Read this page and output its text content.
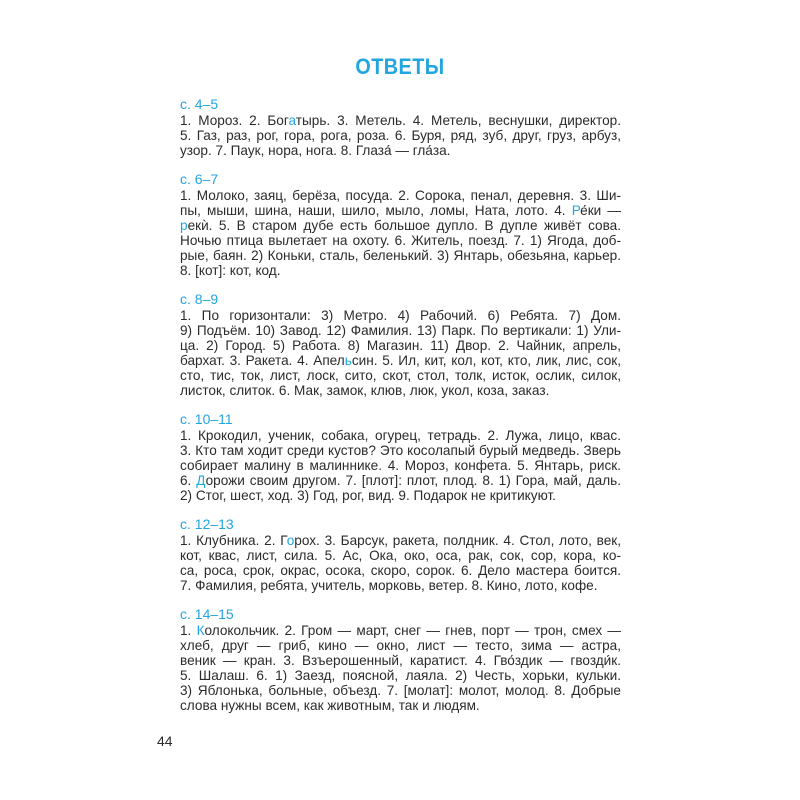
ОТВЕТЫ
с. 4–5
1. Мороз. 2. Богатырь. 3. Метель. 4. Метель, веснушки, директор.
5. Газ, раз, рог, гора, рога, роза. 6. Буря, ряд, зуб, друг, груз, арбуз,
узор. 7. Паук, нора, нога. 8. Глаза́ — гла́за.
с. 6–7
1. Молоко, заяц, берёза, посуда. 2. Сорока, пенал, деревня. 3. Ши-
пы, мыши, шина, наши, шило, мыло, ломы, Ната, лото. 4. Ре́ки —
рекѝ. 5. В старом дубе есть большое дупло. В дупле живёт сова.
Ночью птица вылетает на охоту. 6. Житель, поезд. 7. 1) Ягода, доб-
рые, баян. 2) Коньки, сталь, беленький. 3) Янтарь, обезьяна, карьер.
8. [кот]: кот, код.
с. 8–9
1. По горизонтали: 3) Метро. 4) Рабочий. 6) Ребята. 7) Дом.
9) Подъём. 10) Завод. 12) Фамилия. 13) Парк. По вертикали: 1) Ули-
ца. 2) Город. 5) Работа. 8) Магазин. 11) Двор. 2. Чайник, апрель,
бархат. 3. Ракета. 4. Апельсин. 5. Ил, кит, кол, кот, кто, лик, лис, сок,
сто, тис, ток, лист, лоск, сито, скот, стол, толк, исток, ослик, силок,
листок, слиток. 6. Мак, замок, клюв, люк, укол, коза, заказ.
с. 10–11
1. Крокодил, ученик, собака, огурец, тетрадь. 2. Лужа, лицо, квас.
3. Кто там ходит среди кустов? Это косолапый бурый медведь. Зверь
собирает малину в малиннике. 4. Мороз, конфета. 5. Янтарь, риск.
6. Дорожи своим другом. 7. [плот]: плот, плод. 8. 1) Гора, май, даль.
2) Стог, шест, ход. 3) Год, рог, вид. 9. Подарок не критикуют.
с. 12–13
1. Клубника. 2. Горох. 3. Барсук, ракета, полдник. 4. Стол, лото, век,
кот, квас, лист, сила. 5. Ас, Ока, око, оса, рак, сок, сор, кора, ко-
са, роса, срок, окрас, осока, скоро, сорок. 6. Дело мастера боится.
7. Фамилия, ребята, учитель, морковь, ветер. 8. Кино, лото, кофе.
с. 14–15
1. Колокольчик. 2. Гром — март, снег — гнев, порт — трон, смех —
хлеб, друг — гриб, кино — окно, лист — тесто, зима — астра,
веник — кран. 3. Взъерошенный, каратист. 4. Гво́здик — гвозди́к.
5. Шалаш. 6. 1) Заезд, поясной, лаяла. 2) Честь, хорьки, кульки.
3) Яблонька, больные, объезд. 7. [молат]: молот, молод. 8. Добрые
слова нужны всем, как животным, так и людям.
44
